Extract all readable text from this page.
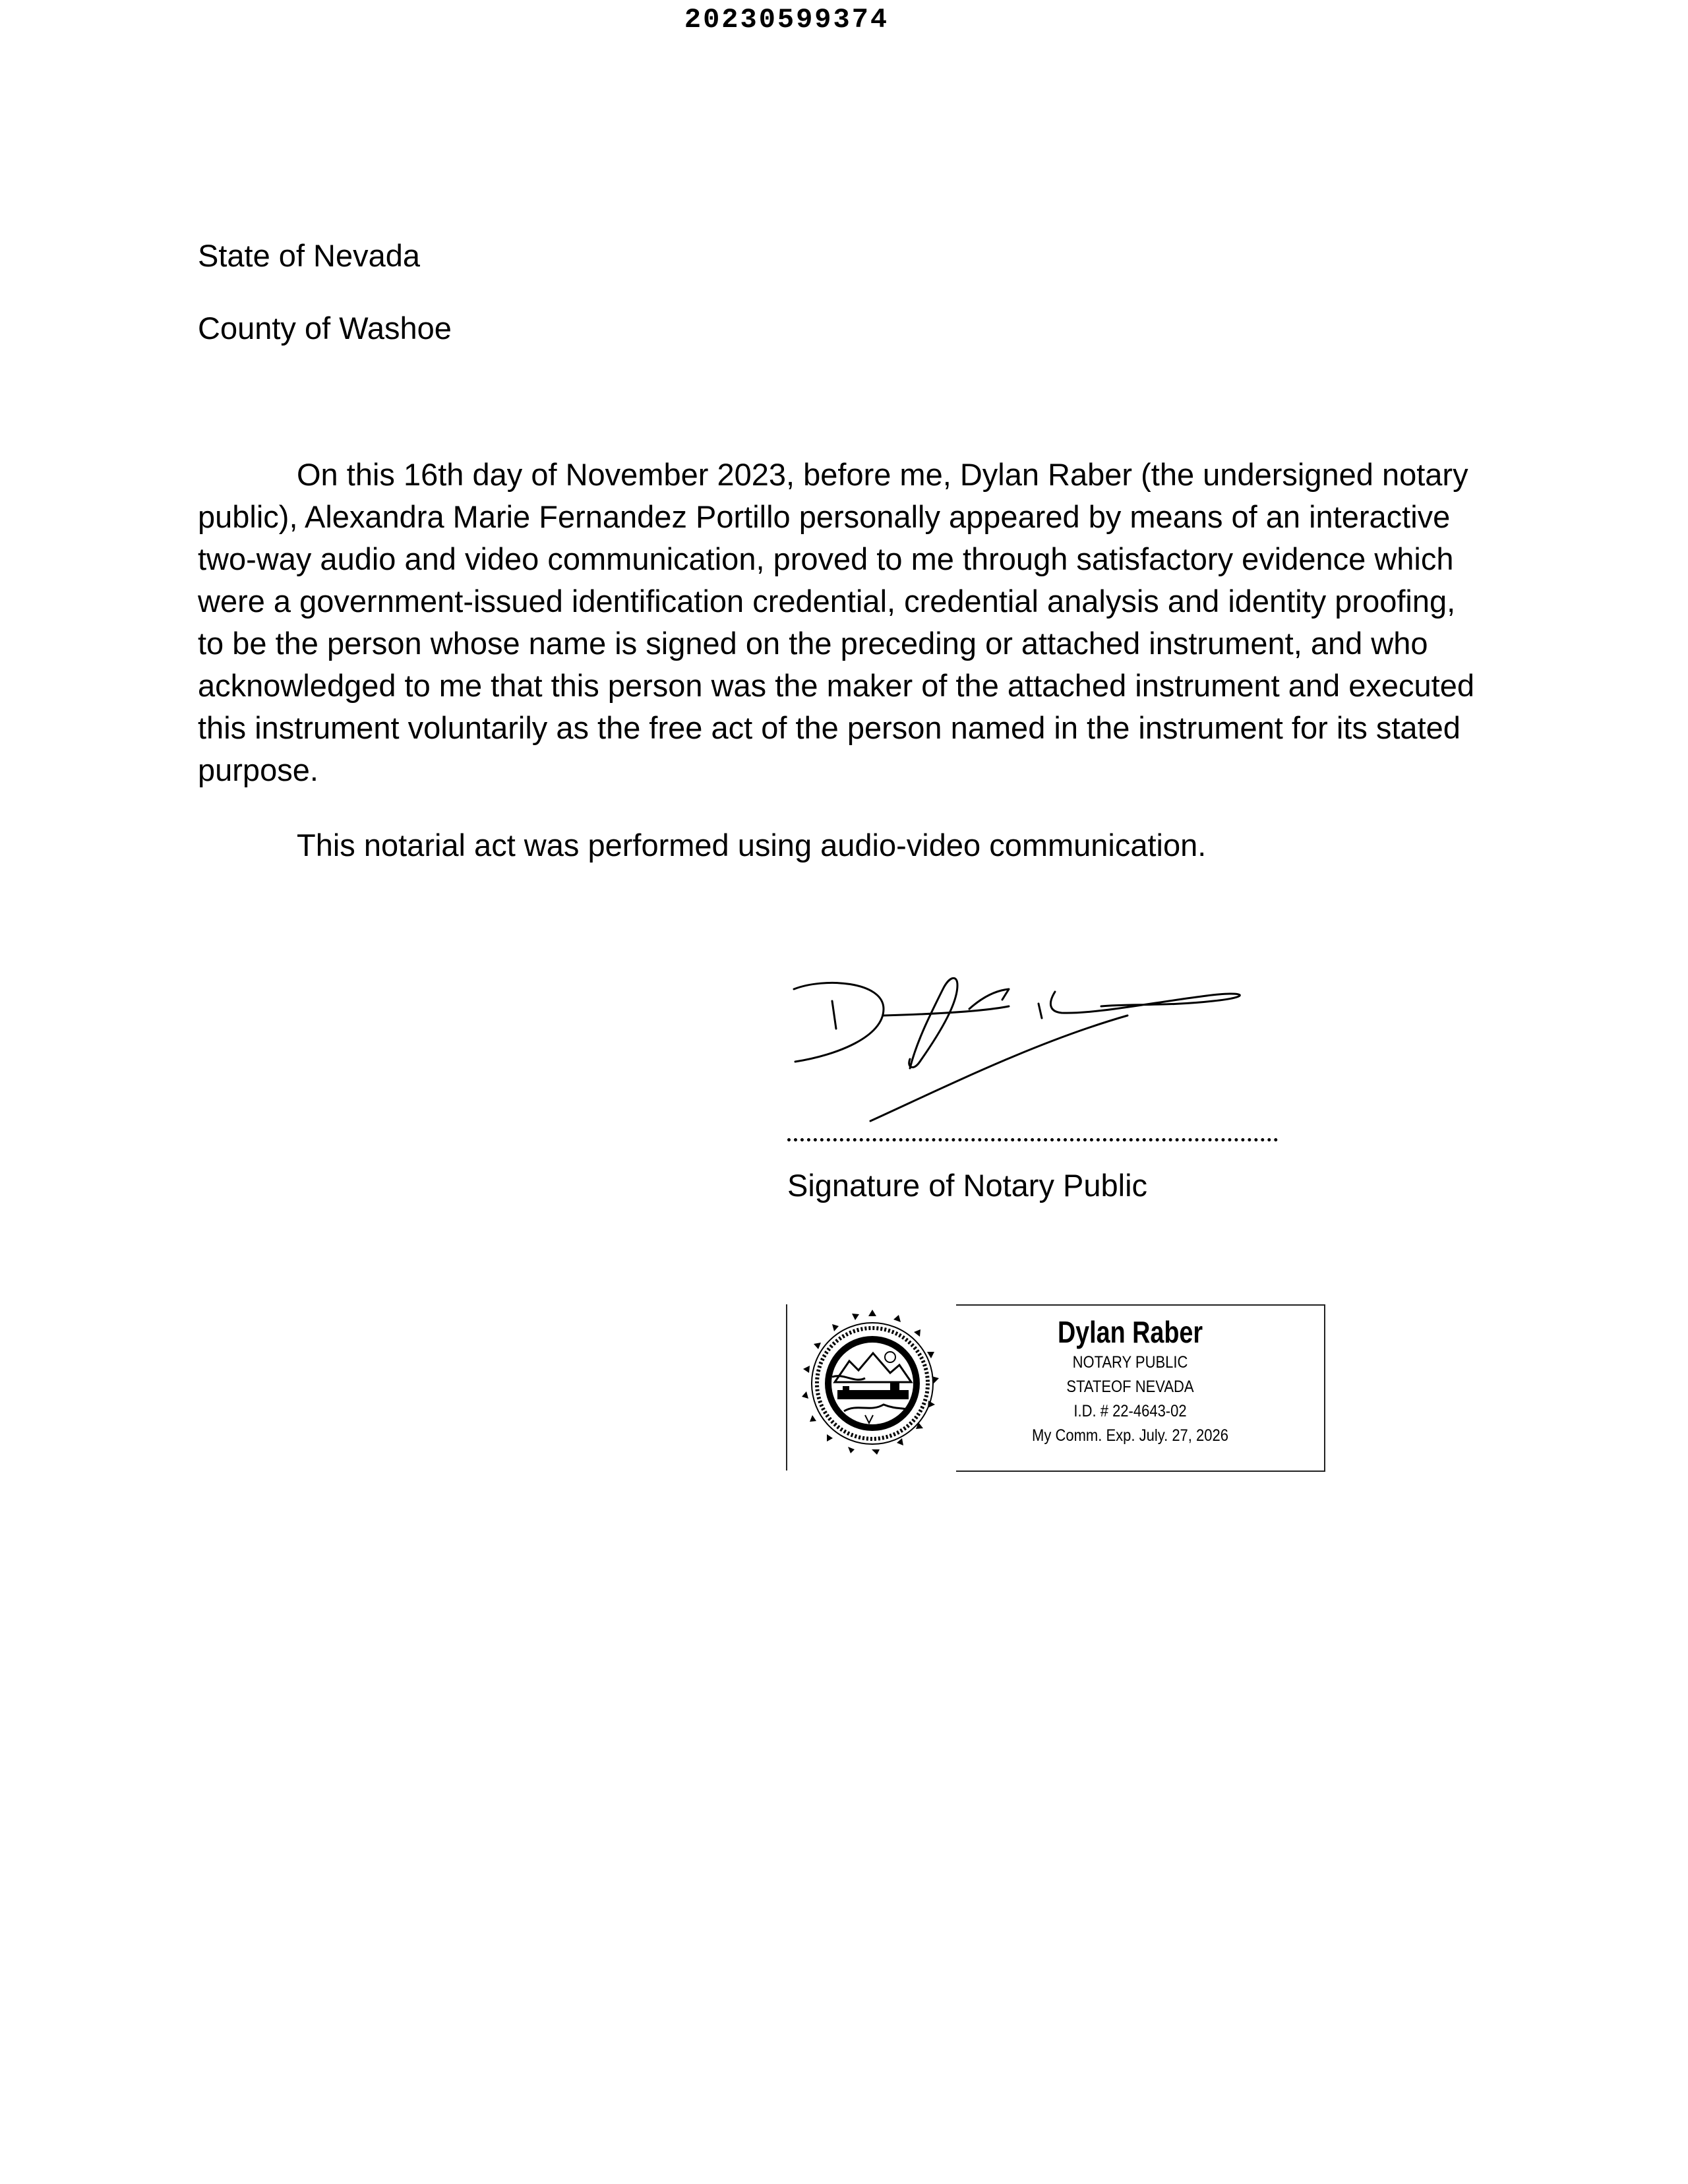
20230599374
State of Nevada
County of Washoe

On this 16th day of November 2023, before me, Dylan Raber (the undersigned notary public), Alexandra Marie Fernandez Portillo personally appeared by means of an interactive two-way audio and video communication, proved to me through satisfactory evidence which were a government-issued identification credential, credential analysis and identity proofing, to be the person whose name is signed on the preceding or attached instrument, and who acknowledged to me that this person was the maker of the attached instrument and executed this instrument voluntarily as the free act of the person named in the instrument for its stated purpose.

This notarial act was performed using audio-video communication.

Signature of Notary Public
Dylan Raber
NOTARY PUBLIC
STATEOF NEVADA
I.D. # 22-4643-02
My Comm. Exp. July. 27, 2026
